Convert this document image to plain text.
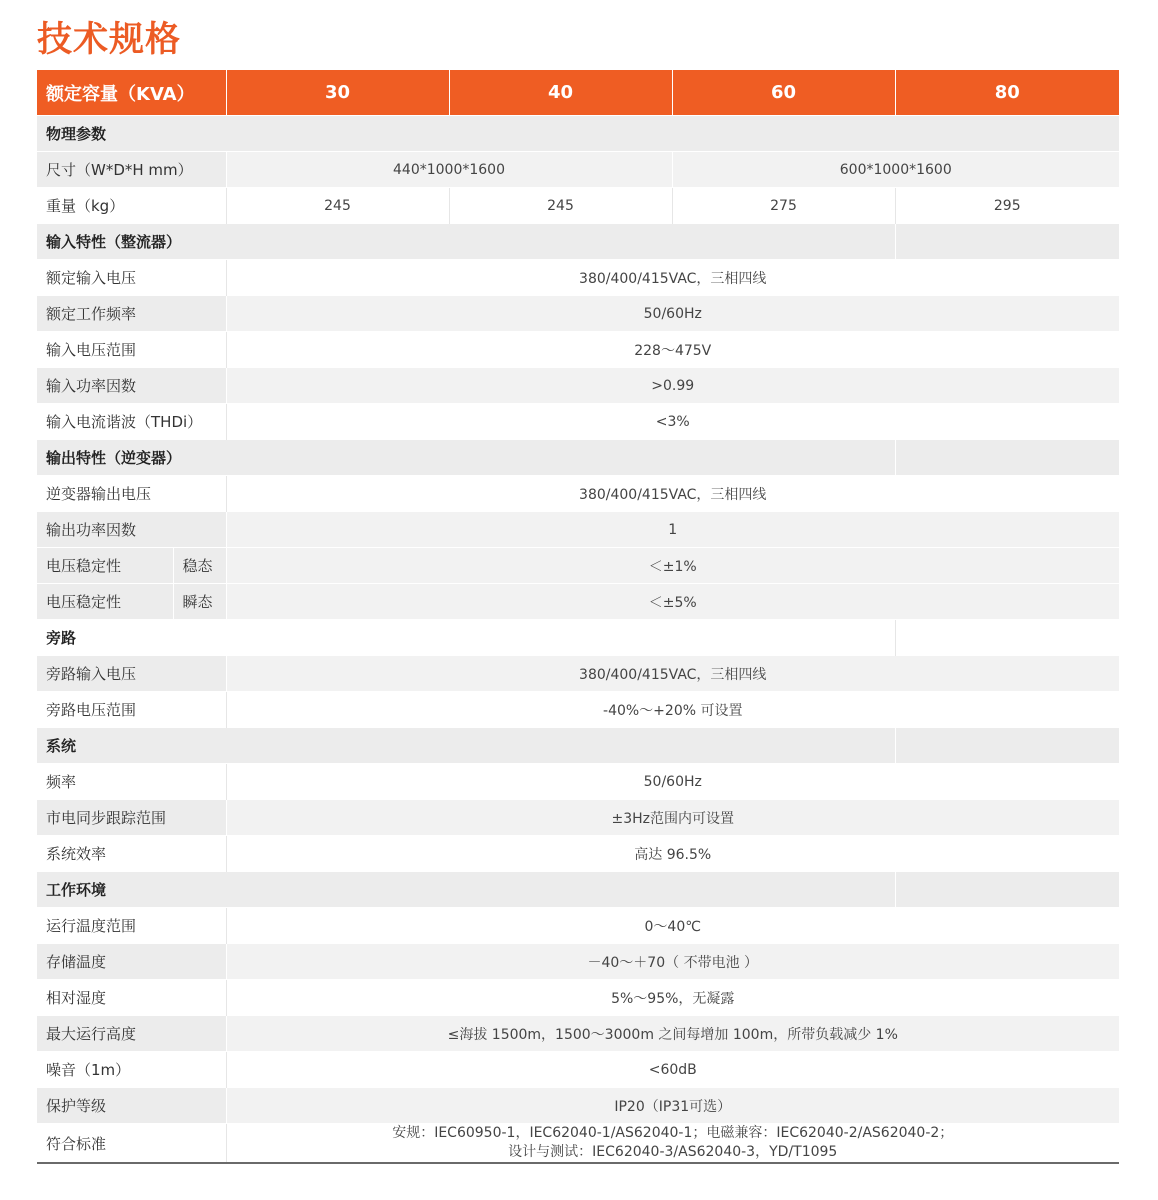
技术规格
额定容量（KVA）		30	40	60	80
物理参数					
尺寸（W*D*H mm）		440*1000*1600		600*1000*1600	
重量（kg）		245	245	275	295
输入特性（整流器）					
额定输入电压		380/400/415VAC，三相四线			
额定工作频率		50/60Hz			
输入电压范围		228～475V			
输入功率因数		>0.99			
输入电流谐波（THDi）		<3%			
输出特性（逆变器）					
逆变器输出电压		380/400/415VAC，三相四线			
输出功率因数		1			
电压稳定性	稳态	＜±1%			
电压稳定性	瞬态	＜±5%			
旁路					
旁路输入电压		380/400/415VAC，三相四线			
旁路电压范围		-40%～+20% 可设置			
系统					
频率		50/60Hz			
市电同步跟踪范围		±3Hz范围内可设置			
系统效率		高达 96.5%			
工作环境					
运行温度范围		0～40℃			
存储温度		－40～＋70（ 不带电池 ）			
相对湿度		5%～95%，无凝露			
最大运行高度		≤海拔 1500m，1500～3000m 之间每增加 100m，所带负载减少 1%			
噪音（1m）		<60dB			
保护等级		IP20（IP31可选）			
符合标准		安规：IEC60950-1，IEC62040-1/AS62040-1；电磁兼容：IEC62040-2/AS62040-2；
设计与测试：IEC62040-3/AS62040-3，YD/T1095			
